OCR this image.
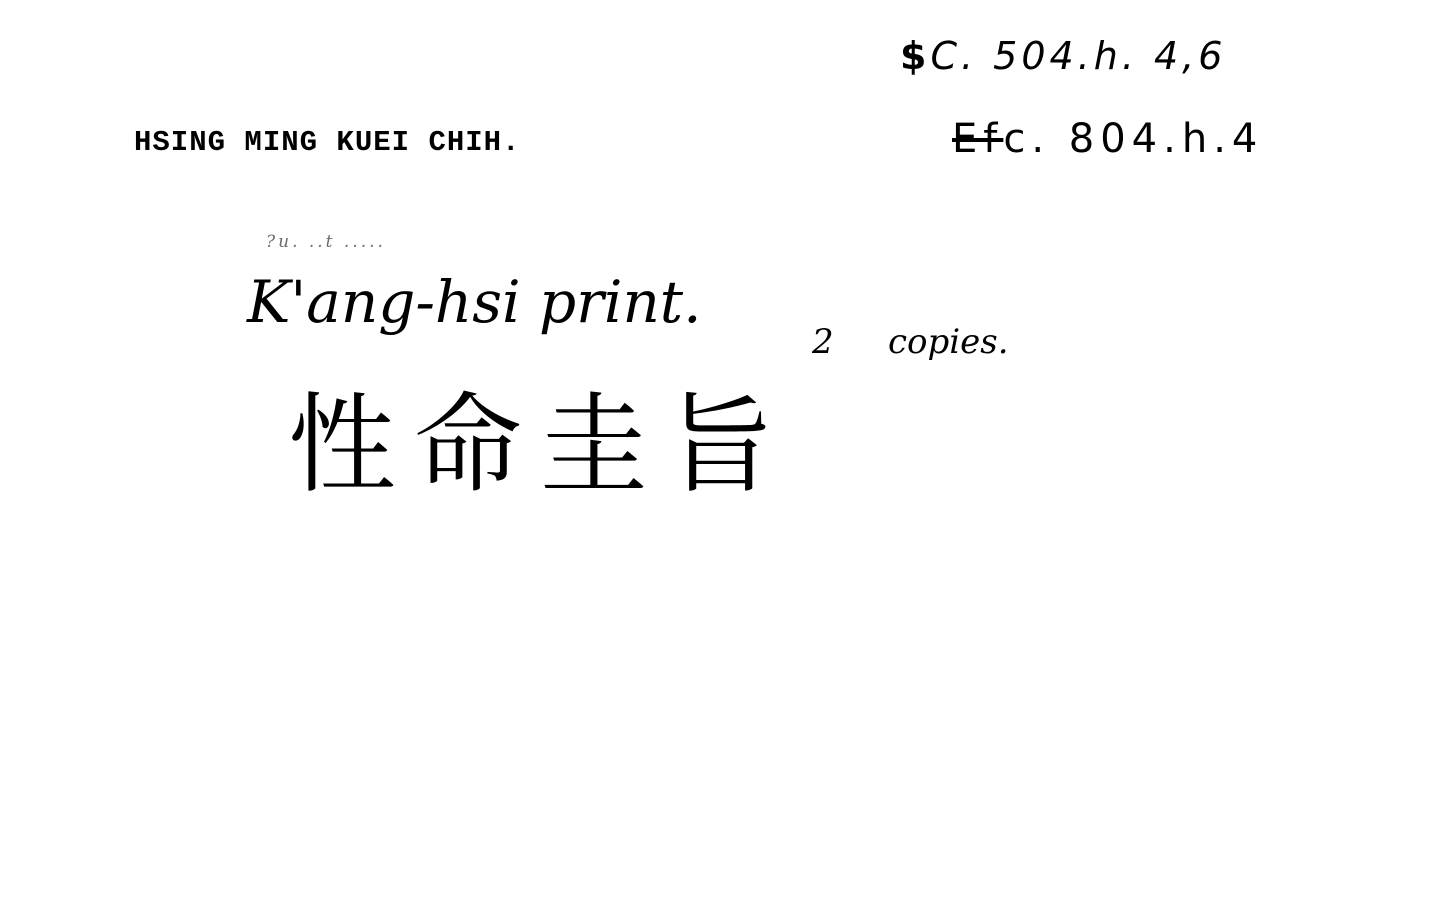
HSING MING KUEI CHIH.
$C. 504.h. 4,6
Efc. 804.h.4
?u. ..t .....
K'ang-hsi print.
2 copies.
性命圭旨
